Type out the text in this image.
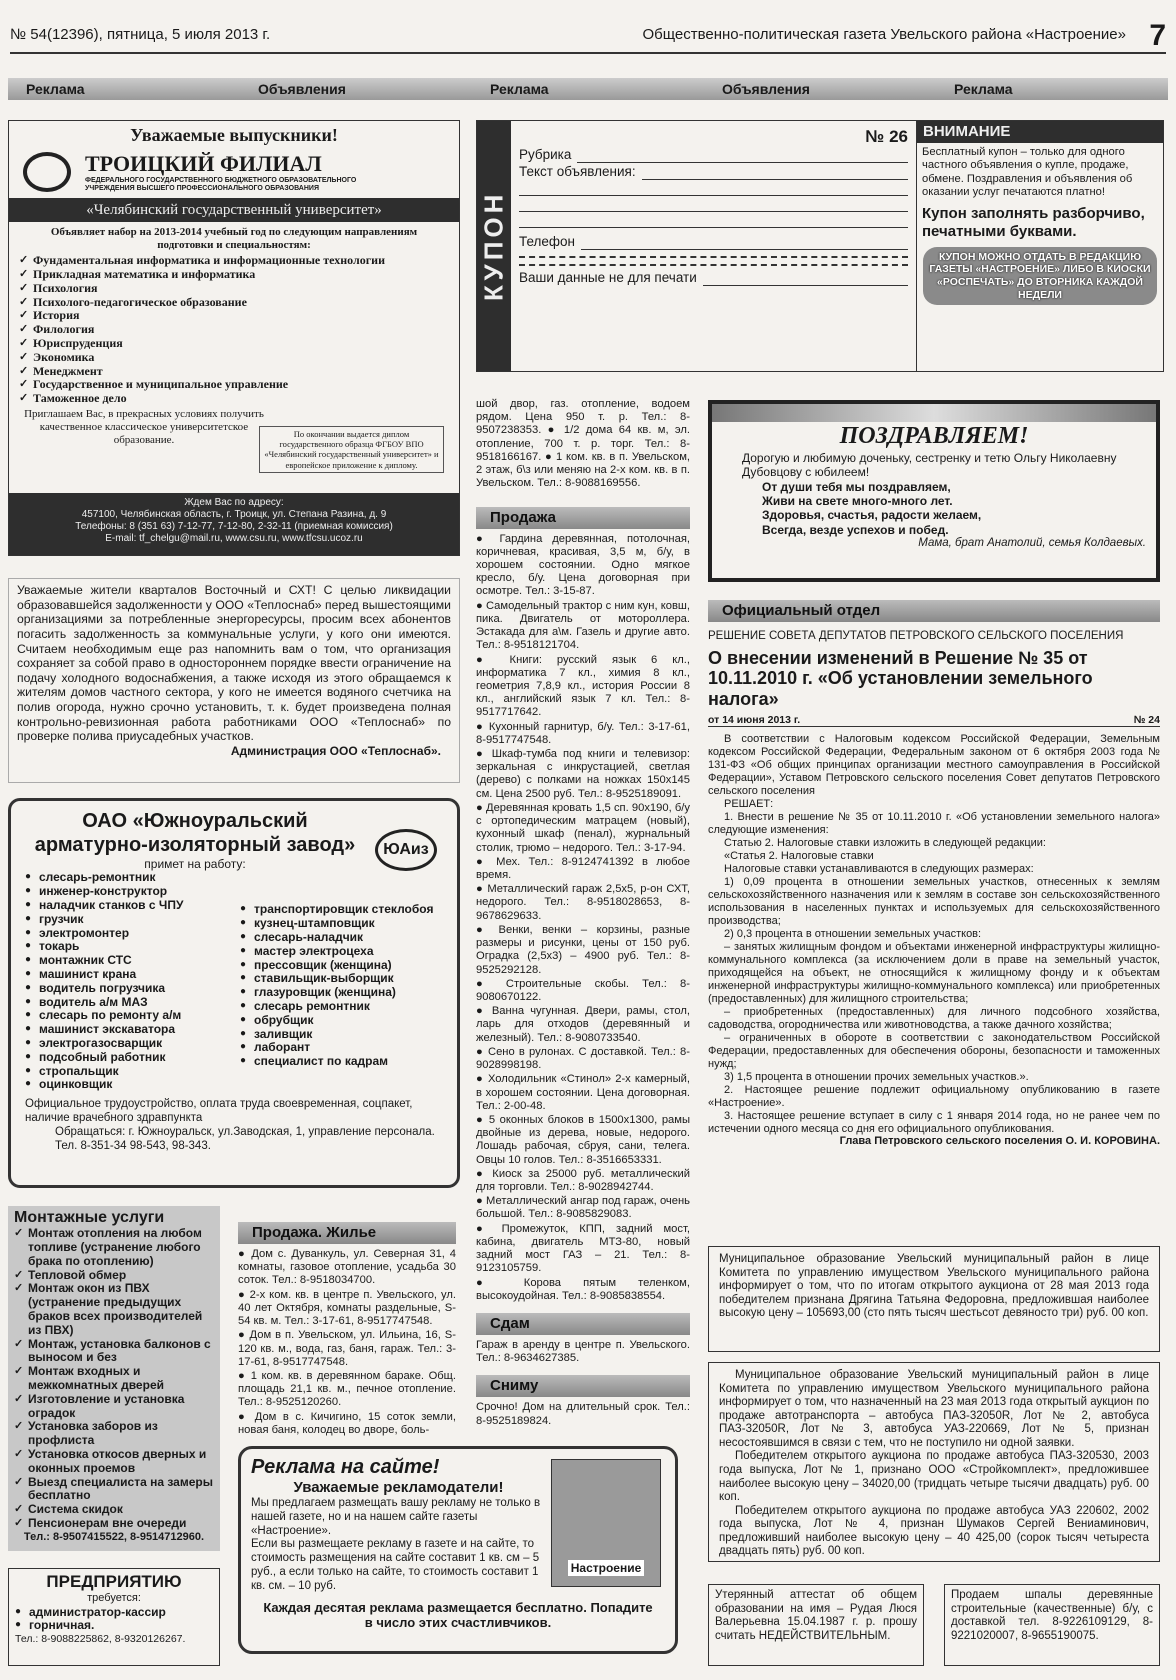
№ 54(12396), пятница, 5 июля 2013 г.	Общественно-политическая газета Увельского района «Настроение» 7
Реклама	Объявления	Реклама	Объявления	Реклама
Уважаемые выпускники!
ТРОИЦКИЙ ФИЛИАЛ
ФЕДЕРАЛЬНОГО ГОСУДАРСТВЕННОГО БЮДЖЕТНОГО ОБРАЗОВАТЕЛЬНОГО УЧРЕЖДЕНИЯ ВЫСШЕГО ПРОФЕССИОНАЛЬНОГО ОБРАЗОВАНИЯ
«Челябинский государственный университет»
Объявляет набор на 2013-2014 учебный год по следующим направлениям подготовки и специальностям:
✓ Фундаментальная информатика и информационные технологии
✓ Прикладная математика и информатика
✓ Психология
✓ Психолого-педагогическое образование
✓ История
✓ Филология
✓ Юриспруденция
✓ Экономика
✓ Менеджмент
✓ Государственное и муниципальное управление
✓ Таможенное дело
По окончании выдается диплом государственного образца ФГБОУ ВПО «Челябинский государственный университет» и европейское приложение к диплому.
Приглашаем Вас, в прекрасных условиях получить качественное классическое университетское образование.
Ждем Вас по адресу:
457100, Челябинская область, г. Троицк, ул. Степана Разина, д. 9
Телефоны: 8 (351 63) 7-12-77, 7-12-80, 2-32-11 (приемная комиссия)
E-mail: tf_chelgu@mail.ru, www.csu.ru, www.tfcsu.ucoz.ru

Уважаемые жители кварталов Восточный и СХТ! С целью ликвидации образовавшейся задолженности у ООО «Теплоснаб» перед вышестоящими организациями за потребленные энергоресурсы, просим всех абонентов погасить задолженность за коммунальные услуги, у кого они имеются. Считаем необходимым еще раз напомнить вам о том, что организация сохраняет за собой право в одностороннем порядке ввести ограничение на подачу холодного водоснабжения, а также исходя из этого обращаемся к жителям домов частного сектора, у кого не имеется водяного счетчика на полив огорода, нужно срочно установить, т. к. будет произведена полная контрольно-ревизионная работа работниками ООО «Теплоснаб» по проверке полива приусадебных участков.

Администрация ООО «Теплоснаб».

ОАО «Южноуральский арматурно-изоляторный завод»	ЮАиз
примет на работу:
● слесарь-ремонтник
● инженер-конструктор
● наладчик станков с ЧПУ
● грузчик
● электромонтер
● токарь
● монтажник СТС
● машинист крана
● водитель погрузчика
● водитель а/м МАЗ
● слесарь по ремонту а/м
● машинист экскаватора
● электрогазосварщик
● подсобный работник
● стропальщик
● оцинковщик
● транспортировщик стеклобоя
● кузнец-штамповщик
● слесарь-наладчик
● мастер электроцеха
● прессовщик (женщина)
● ставильщик-выборщик
● глазуровщик (женщина)
● слесарь ремонтник
● обрубщик
● заливщик
● лаборант
● специалист по кадрам

Официальное трудоустройство, оплата труда своевременная, соцпакет, наличие врачебного здравпункта

Обращаться: г. Южноуральск, ул.Заводская, 1, управление персонала.

Тел. 8-351-34 98-543, 98-343.

Монтажные услуги
✓ Монтаж отопления на любом топливе (устранение любого брака по отоплению)
✓ Тепловой обмер
✓ Монтаж окон из ПВХ (устранение предыдущих браков всех производителей из ПВХ)
✓ Монтаж, установка балконов с выносом и без
✓ Монтаж входных и межкомнатных дверей
✓ Изготовление и установка оградок
✓ Установка заборов из профлиста
✓ Установка откосов дверных и оконных проемов
✓ Выезд специалиста на замеры бесплатно
✓ Система скидок
✓ Пенсионерам вне очереди
Тел.: 8-9507415522, 8-9514712960.
ПРЕДПРИЯТИЮ
требуется:
● администратор-кассир
● горничная.
Тел.: 8-9088225862, 8-9320126267.
Продажа. Жилье

● Дом с. Дуванкуль, ул. Северная 31, 4 комнаты, газовое отопление, усадьба 30 соток. Тел.: 8-9518034700.

● 2-х ком. кв. в центре п. Увельского, ул. 40 лет Октября, комнаты раздельные, S-54 кв. м. Тел.: 3-17-61, 8-9517747548.

● Дом в п. Увельском, ул. Ильина, 16, S-120 кв. м., вода, газ, баня, гараж. Тел.: 3-17-61, 8-9517747548.

● 1 ком. кв. в деревянном бараке. Общ. площадь 21,1 кв. м., печное отопление. Тел.: 8-9525120260.

● Дом в с. Кичигино, 15 соток земли, новая баня, колодец во дворе, боль-

Реклама на сайте!
Уважаемые рекламодатели!

Мы предлагаем размещать вашу рекламу не только в нашей газете, но и на нашем сайте газеты «Настроение».

Если вы размещаете рекламу в газете и на сайте, то стоимость размещения на сайте составит 1 кв. см – 5 руб., а если только на сайте, то стоимость составит 1 кв. см. – 10 руб.

Настроение
Каждая десятая реклама размещается бесплатно. Попадите в число этих счастливчиков.
КУПОН
№ 26
Рубрика
Текст объявления:
Телефон
Ваши данные не для печати
ВНИМАНИЕ

Бесплатный купон – только для одного частного объявления о купле, продаже, обмене. Поздравления и объявления об оказании услуг печатаются платно!

Купон заполнять разборчиво, печатными буквами.

КУПОН МОЖНО ОТДАТЬ В РЕДАКЦИЮ ГАЗЕТЫ «НАСТРОЕНИЕ» ЛИБО В КИОСКИ «РОСПЕЧАТЬ» ДО ВТОРНИКА КАЖДОЙ НЕДЕЛИ

шой двор, газ. отопление, водоем рядом. Цена 950 т. р. Тел.: 8-9507238353. ● 1/2 дома 64 кв. м, эл. отопление, 700 т. р. торг. Тел.: 8-9518166167. ● 1 ком. кв. в п. Увельском, 2 этаж, б\з или меняю на 2-х ком. кв. в п. Увельском. Тел.: 8-9088169556.

Продажа

● Гардина деревянная, потолочная, коричневая, красивая, 3,5 м, б/у, в хорошем состоянии. Одно мягкое кресло, б/у. Цена договорная при осмотре. Тел.: 3-15-87.

● Самодельный трактор с ним кун, ковш, пика. Двигатель от мотороллера. Эстакада для а\м. Газель и другие авто. Тел.: 8-9518121704.

● Книги: русский язык 6 кл., информатика 7 кл., химия 8 кл., геометрия 7,8,9 кл., история России 8 кл., английский язык 7 кл. Тел.: 8-9517717642.

● Кухонный гарнитур, б/у. Тел.: 3-17-61, 8-9517747548.

● Шкаф-тумба под книги и телевизор: зеркальная с инкрустацией, светлая (дерево) с полками на ножках 150х145 см. Цена 2500 руб. Тел.: 8-9525189091.

● Деревянная кровать 1,5 сп. 90х190, б/у с ортопедическим матрацем (новый), кухонный шкаф (пенал), журнальный столик, трюмо – недорого. Тел.: 3-17-94.

● Мех. Тел.: 8-9124741392 в любое время.

● Металлический гараж 2,5х5, р-он СХТ, недорого. Тел.: 8-9518028653, 8-9678629633.

● Венки, венки – корзины, разные размеры и рисунки, цены от 150 руб. Оградка (2,5х3) – 4900 руб. Тел.: 8-9525292128.

● Строительные скобы. Тел.: 8-9080670122.

● Ванна чугунная. Двери, рамы, стол, ларь для отходов (деревянный и железный). Тел.: 8-9080733540.

● Сено в рулонах. С доставкой. Тел.: 8-9028998198.

● Холодильник «Стинол» 2-х камерный, в хорошем состоянии. Цена договорная. Тел.: 2-00-48.

● 5 оконных блоков в 1500х1300, рамы двойные из дерева, новые, недорого. Лошадь рабочая, сбруя, сани, телега. Овцы 10 голов. Тел.: 8-3516653331.

● Киоск за 25000 руб. металлический для торговли. Тел.: 8-9028942744.

● Металлический ангар под гараж, очень большой. Тел.: 8-9085829083.

● Промежуток, КПП, задний мост, кабина, двигатель МТЗ-80, новый задний мост ГАЗ – 21. Тел.: 8-9123105759.

● Корова пятым теленком, высокоудойная. Тел.: 8-9085838554.

Сдам

Гараж в аренду в центре п. Увельского. Тел.: 8-9634627385.

Сниму

Срочно! Дом на длительный срок. Тел.: 8-9525189824.

ПОЗДРАВЛЯЕМ!

Дорогую и любимую доченьку, сестренку и тетю Ольгу Николаевну Дубовцову с юбилеем!

От души тебя мы поздравляем,
Живи на свете много-много лет.
Здоровья, счастья, радости желаем,
Всегда, везде успехов и побед.
Мама, брат Анатолий, семья Колдаевых.
Официальный отдел
РЕШЕНИЕ СОВЕТА ДЕПУТАТОВ ПЕТРОВСКОГО СЕЛЬСКОГО ПОСЕЛЕНИЯ
О внесении изменений в Решение № 35 от 10.11.2010 г. «Об установлении земельного налога»
от 14 июня 2013 г.	№ 24

В соответствии с Налоговым кодексом Российской Федерации, Земельным кодексом Российской Федерации, Федеральным законом от 6 октября 2003 года № 131-ФЗ «Об общих принципах организации местного самоуправления в Российской Федерации», Уставом Петровского сельского поселения Совет депутатов Петровского сельского поселения

РЕШАЕТ:

1. Внести в решение № 35 от 10.11.2010 г. «Об установлении земельного налога» следующие изменения:

Статью 2. Налоговые ставки изложить в следующей редакции:

«Статья 2. Налоговые ставки

Налоговые ставки устанавливаются в следующих размерах:

1) 0,09 процента в отношении земельных участков, отнесенных к землям сельскохозяйственного назначения или к землям в составе зон сельскохозяйственного использования в населенных пунктах и используемых для сельскохозяйственного производства;

2) 0,3 процента в отношении земельных участков:

– занятых жилищным фондом и объектами инженерной инфраструктуры жилищно-коммунального комплекса (за исключением доли в праве на земельный участок, приходящейся на объект, не относящийся к жилищному фонду и к объектам инженерной инфраструктуры жилищно-коммунального комплекса) или приобретенных (предоставленных) для жилищного строительства;

– приобретенных (предоставленных) для личного подсобного хозяйства, садоводства, огородничества или животноводства, а также дачного хозяйства;

– ограниченных в обороте в соответствии с законодательством Российской Федерации, предоставленных для обеспечения обороны, безопасности и таможенных нужд;

3) 1,5 процента в отношении прочих земельных участков.».

2. Настоящее решение подлежит официальному опубликованию в газете «Настроение».

3. Настоящее решение вступает в силу с 1 января 2014 года, но не ранее чем по истечении одного месяца со дня его официального опубликования.

Глава Петровского сельского поселения О. И. КОРОВИНА.

Муниципальное образование Увельский муниципальный район в лице Комитета по управлению имуществом Увельского муниципального района информирует о том, что по итогам открытого аукциона от 28 мая 2013 года победителем признана Дрягина Татьяна Федоровна, предложившая наиболее высокую цену – 105693,00 (сто пять тысяч шестьсот девяносто три) руб. 00 коп.

Муниципальное образование Увельский муниципальный район в лице Комитета по управлению имуществом Увельского муниципального района информирует о том, что назначенный на 23 мая 2013 года открытый аукцион по продаже автотранспорта – автобуса ПАЗ-32050R, Лот № 2, автобуса ПАЗ-32050R, Лот № 3, автобуса УАЗ-220669, Лот № 5, признан несостоявшимся в связи с тем, что не поступило ни одной заявки.

Победителем открытого аукциона по продаже автобуса ПАЗ-320530, 2003 года выпуска, Лот № 1, признано ООО «Стройкомплект», предложившее наиболее высокую цену – 34020,00 (тридцать четыре тысячи двадцать) руб. 00 коп.

Победителем открытого аукциона по продаже автобуса УАЗ 220602, 2002 года выпуска, Лот № 4, признан Шумаков Сергей Вениаминович, предложивший наиболее высокую цену – 40 425,00 (сорок тысяч четыреста двадцать пять) руб. 00 коп.

Утерянный аттестат об общем образовании на имя – Рудая Люся Валерьевна 15.04.1987 г. р. прошу считать НЕДЕЙСТВИТЕЛЬНЫМ.

Продаем шпалы деревянные строительные (качественные) б/у, с доставкой тел. 8-9226109129, 8-9221020007, 8-9655190075.
